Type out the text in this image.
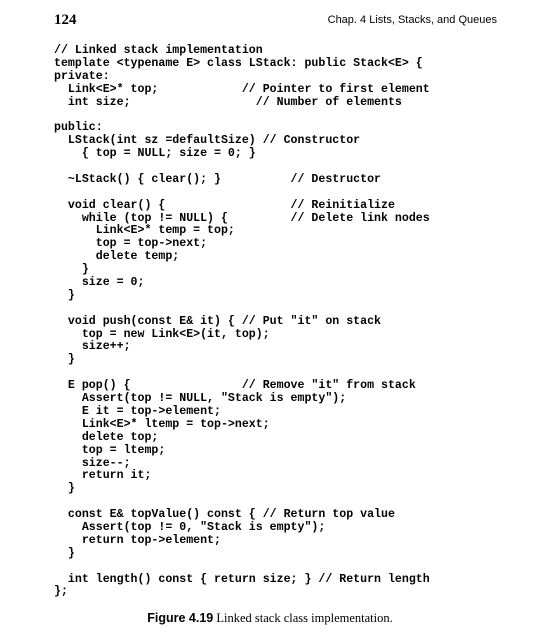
124	Chap. 4 Lists, Stacks, and Queues
// Linked stack implementation
template <typename E> class LStack: public Stack<E> {
private:
Link<E>* top;            // Pointer to first element
int size;                  // Number of elements
public:
LStack(int sz =defaultSize) // Constructor
{ top = NULL; size = 0; }
~LStack() { clear(); }          // Destructor
void clear() {                  // Reinitialize
while (top != NULL) {         // Delete link nodes
Link<E>* temp = top;
top = top->next;
delete temp;
}
size = 0;
}
void push(const E& it) { // Put "it" on stack
top = new Link<E>(it, top);
size++;
}
E pop() {                // Remove "it" from stack
Assert(top != NULL, "Stack is empty");
E it = top->element;
Link<E>* ltemp = top->next;
delete top;
top = ltemp;
size--;
return it;
}
const E& topValue() const { // Return top value
Assert(top != 0, "Stack is empty");
return top->element;
}
int length() const { return size; } // Return length
};
Figure 4.19 Linked stack class implementation.
